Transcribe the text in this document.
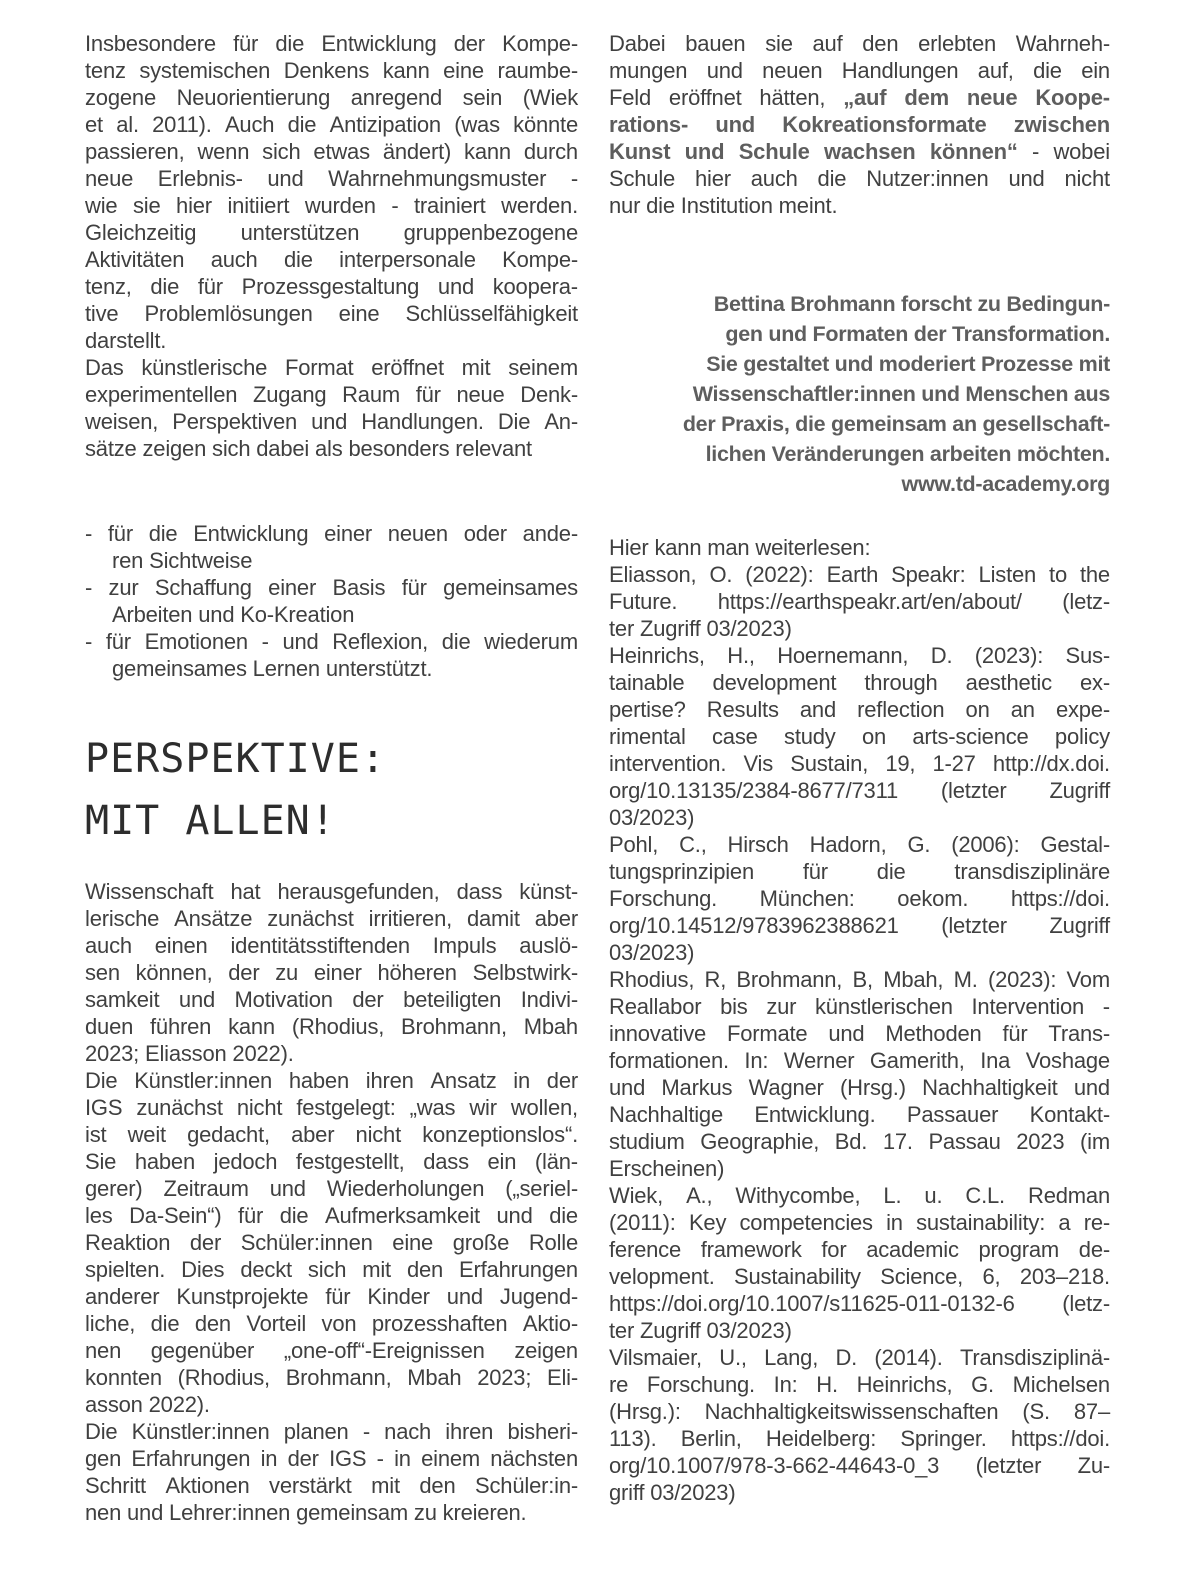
Insbesondere für die Entwicklung der Kompe-
tenz systemischen Denkens kann eine raumbe-
zogene Neuorientierung anregend sein (Wiek
et al. 2011). Auch die Antizipation (was könnte
passieren, wenn sich etwas ändert) kann durch
neue Erlebnis- und Wahrnehmungsmuster -
wie sie hier initiiert wurden - trainiert werden.
Gleichzeitig unterstützen gruppenbezogene
Aktivitäten auch die interpersonale Kompe-
tenz, die für Prozessgestaltung und koopera-
tive Problemlösungen eine Schlüsselfähigkeit
darstellt.
Das künstlerische Format eröffnet mit seinem
experimentellen Zugang Raum für neue Denk-
weisen, Perspektiven und Handlungen. Die An-
sätze zeigen sich dabei als besonders relevant
- für die Entwicklung einer neuen oder ande-
ren Sichtweise
- zur Schaffung einer Basis für gemeinsames
Arbeiten und Ko-Kreation
- für Emotionen - und Reflexion, die wiederum
gemeinsames Lernen unterstützt.
PERSPEKTIVE:
MIT ALLEN!
Wissenschaft hat herausgefunden, dass künst-
lerische Ansätze zunächst irritieren, damit aber
auch einen identitätsstiftenden Impuls auslö-
sen können, der zu einer höheren Selbstwirk-
samkeit und Motivation der beteiligten Indivi-
duen führen kann (Rhodius, Brohmann, Mbah
2023; Eliasson 2022).
Die Künstler:innen haben ihren Ansatz in der
IGS zunächst nicht festgelegt: „was wir wollen,
ist weit gedacht, aber nicht konzeptionslos“.
Sie haben jedoch festgestellt, dass ein (län-
gerer) Zeitraum und Wiederholungen („seriel-
les Da-Sein“) für die Aufmerksamkeit und die
Reaktion der Schüler:innen eine große Rolle
spielten. Dies deckt sich mit den Erfahrungen
anderer Kunstprojekte für Kinder und Jugend-
liche, die den Vorteil von prozesshaften Aktio-
nen gegenüber „one-off“-Ereignissen zeigen
konnten (Rhodius, Brohmann, Mbah 2023; Eli-
asson 2022).
Die Künstler:innen planen - nach ihren bisheri-
gen Erfahrungen in der IGS - in einem nächsten
Schritt Aktionen verstärkt mit den Schüler:in-
nen und Lehrer:innen gemeinsam zu kreieren.
Dabei bauen sie auf den erlebten Wahrneh-
mungen und neuen Handlungen auf, die ein
Feld eröffnet hätten, „auf dem neue Koope-
rations- und Kokreationsformate zwischen
Kunst und Schule wachsen können“ - wobei
Schule hier auch die Nutzer:innen und nicht
nur die Institution meint.
Bettina Brohmann forscht zu Bedingun-
gen und Formaten der Transformation.
Sie gestaltet und moderiert Prozesse mit
Wissenschaftler:innen und Menschen aus
der Praxis, die gemeinsam an gesellschaft-
lichen Veränderungen arbeiten möchten.
www.td-academy.org
Hier kann man weiterlesen:
Eliasson, O. (2022): Earth Speakr: Listen to the
Future. https://earthspeakr.art/en/about/ (letz-
ter Zugriff 03/2023)
Heinrichs, H., Hoernemann, D. (2023): Sus-
tainable development through aesthetic ex-
pertise? Results and reflection on an expe-
rimental case study on arts-science policy
intervention. Vis Sustain, 19, 1-27 http://dx.doi.
org/10.13135/2384-8677/7311 (letzter Zugriff
03/2023)
Pohl, C., Hirsch Hadorn, G. (2006): Gestal-
tungsprinzipien für die transdisziplinäre
Forschung. München: oekom. https://doi.
org/10.14512/9783962388621 (letzter Zugriff
03/2023)
Rhodius, R, Brohmann, B, Mbah, M. (2023): Vom
Reallabor bis zur künstlerischen Intervention -
innovative Formate und Methoden für Trans-
formationen. In: Werner Gamerith, Ina Voshage
und Markus Wagner (Hrsg.) Nachhaltigkeit und
Nachhaltige Entwicklung. Passauer Kontakt-
studium Geographie, Bd. 17. Passau 2023 (im
Erscheinen)
Wiek, A., Withycombe, L. u. C.L. Redman
(2011): Key competencies in sustainability: a re-
ference framework for academic program de-
velopment. Sustainability Science, 6, 203–218.
https://doi.org/10.1007/s11625-011-0132-6 (letz-
ter Zugriff 03/2023)
Vilsmaier, U., Lang, D. (2014). Transdisziplinä-
re Forschung. In: H. Heinrichs, G. Michelsen
(Hrsg.): Nachhaltigkeitswissenschaften (S. 87–
113). Berlin, Heidelberg: Springer. https://doi.
org/10.1007/978-3-662-44643-0_3 (letzter Zu-
griff 03/2023)
